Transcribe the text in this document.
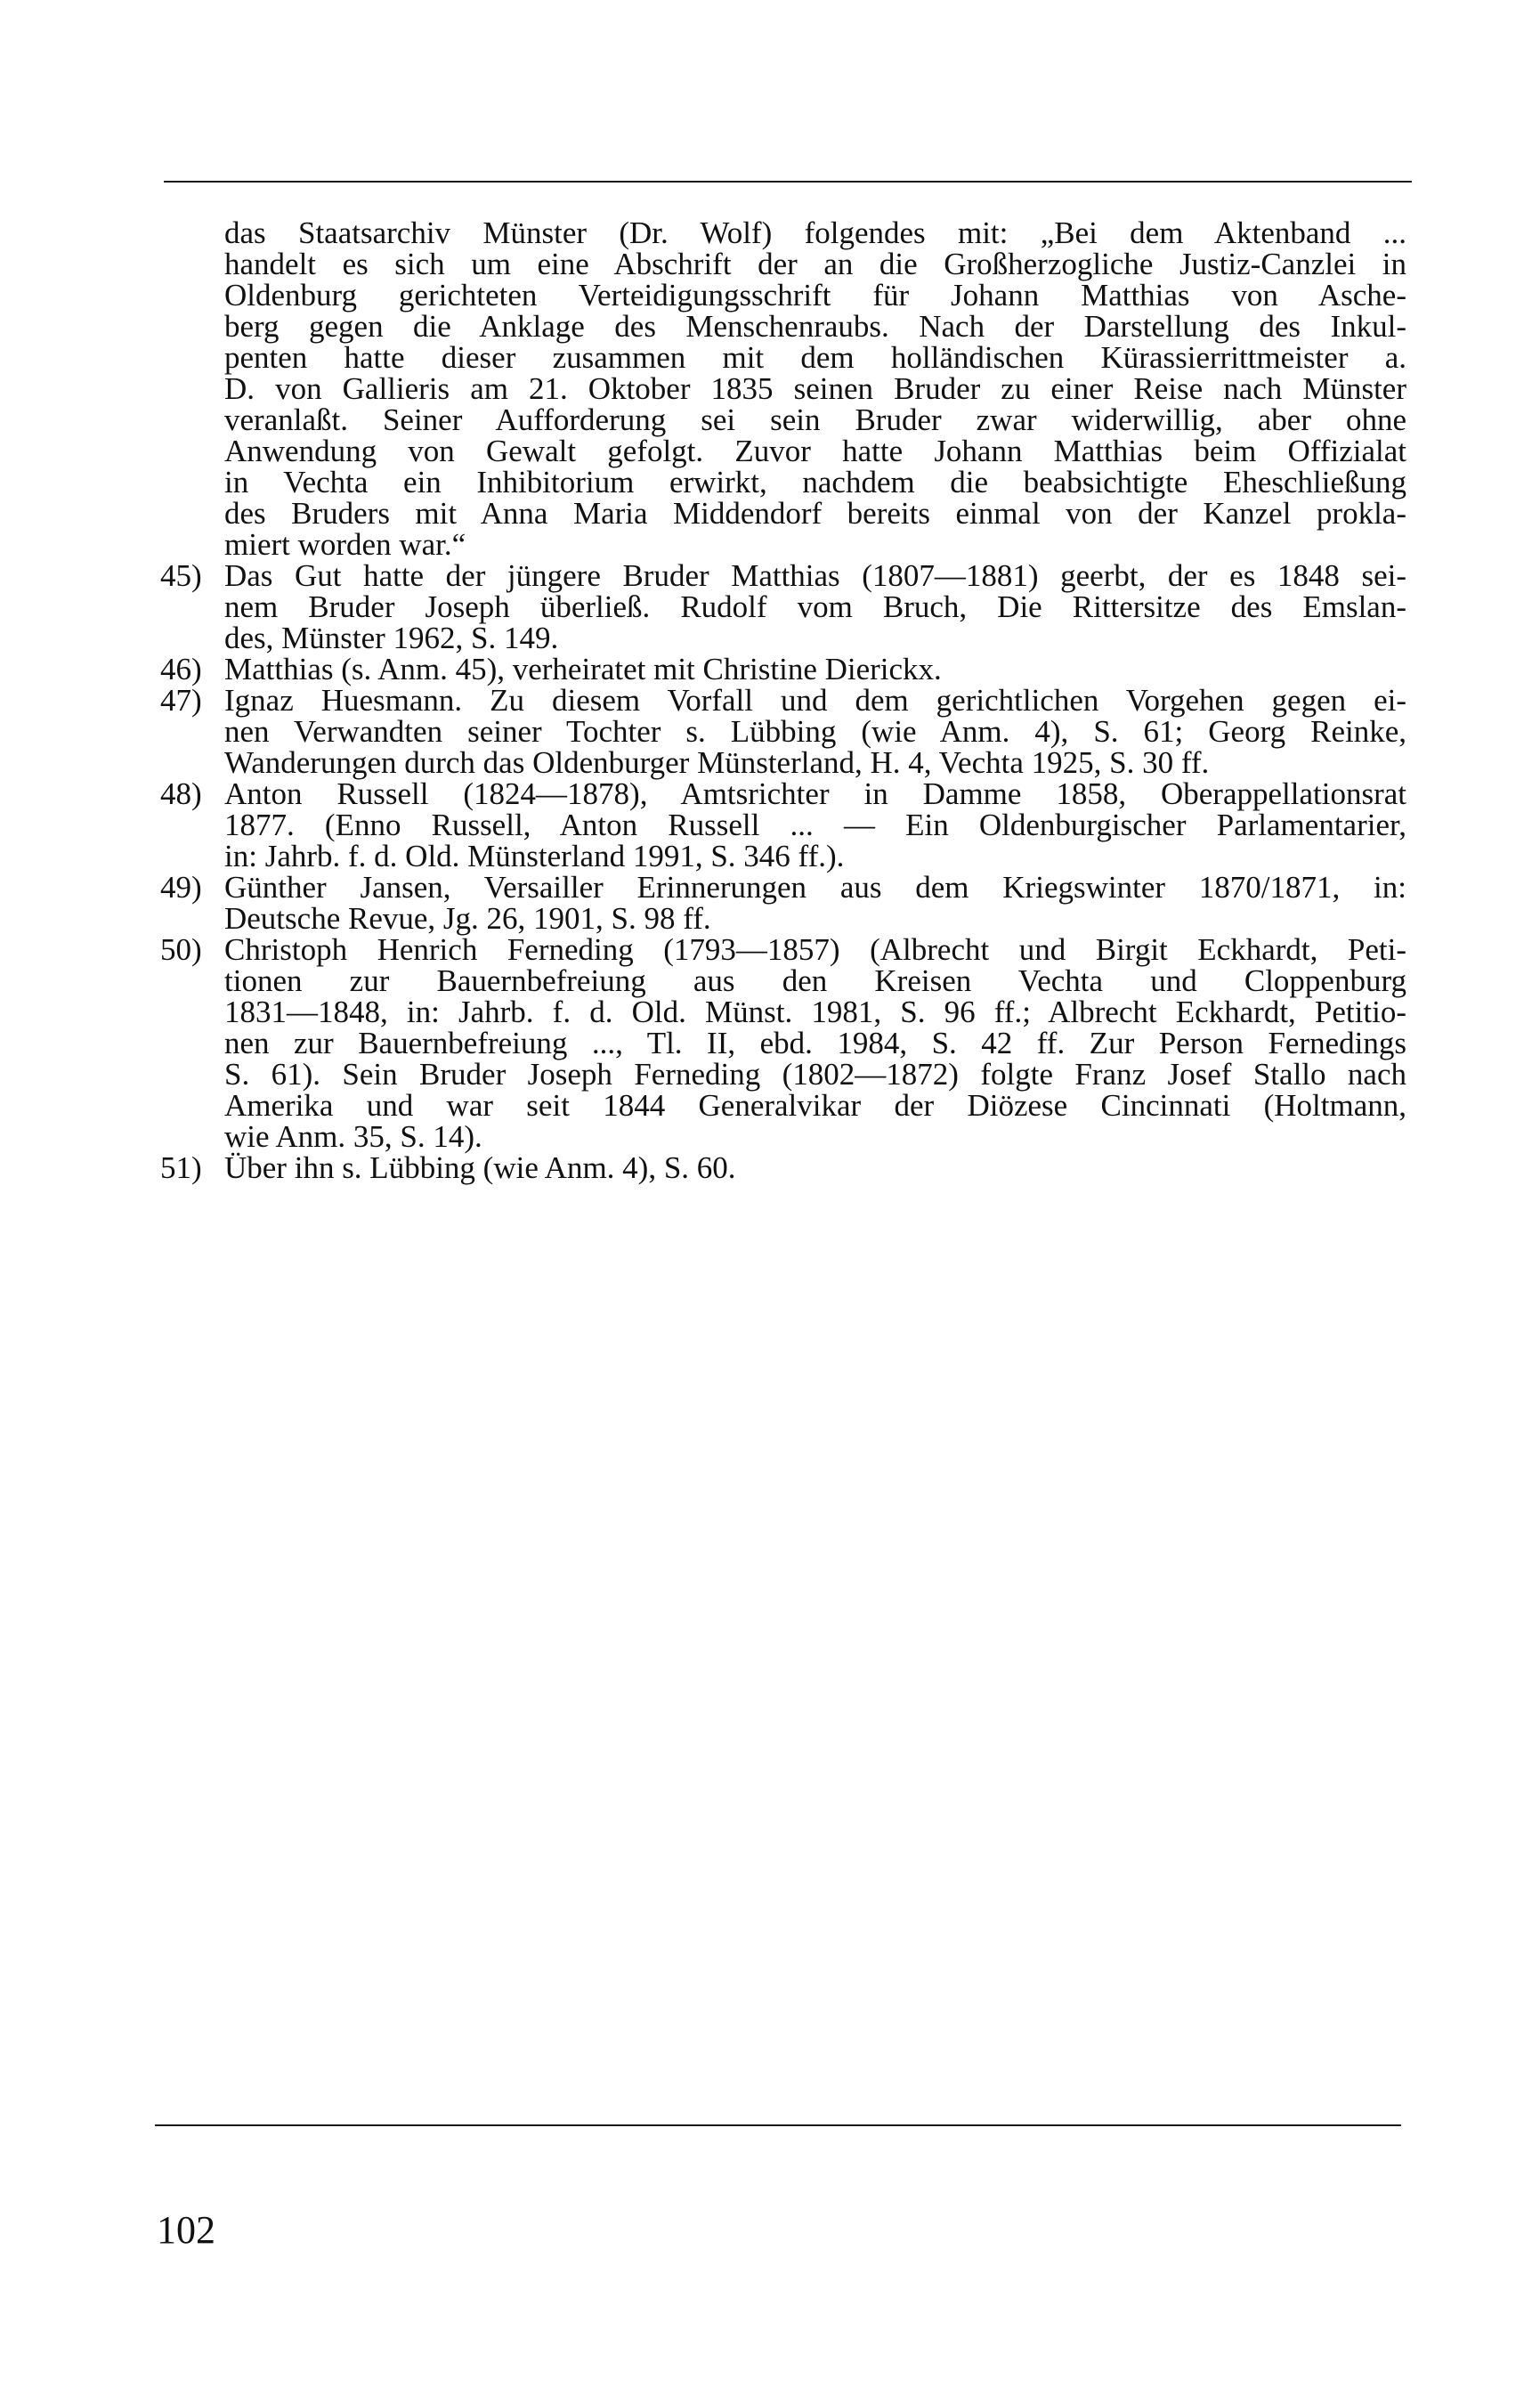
das Staatsarchiv Münster (Dr. Wolf) folgendes mit: „Bei dem Aktenband ...
handelt es sich um eine Abschrift der an die Großherzogliche Justiz-Canzlei in
Oldenburg gerichteten Verteidigungsschrift für Johann Matthias von Asche-
berg gegen die Anklage des Menschenraubs. Nach der Darstellung des Inkul-
penten hatte dieser zusammen mit dem holländischen Kürassierrittmeister a.
D. von Gallieris am 21. Oktober 1835 seinen Bruder zu einer Reise nach Münster
veranlaßt. Seiner Aufforderung sei sein Bruder zwar widerwillig, aber ohne
Anwendung von Gewalt gefolgt. Zuvor hatte Johann Matthias beim Offizialat
in Vechta ein Inhibitorium erwirkt, nachdem die beabsichtigte Eheschließung
des Bruders mit Anna Maria Middendorf bereits einmal von der Kanzel prokla-
miert worden war.“
45) Das Gut hatte der jüngere Bruder Matthias (1807—1881) geerbt, der es 1848 sei-
nem Bruder Joseph überließ. Rudolf vom Bruch, Die Rittersitze des Emslan-
des, Münster 1962, S. 149.
46) Matthias (s. Anm. 45), verheiratet mit Christine Dierickx.
47) Ignaz Huesmann. Zu diesem Vorfall und dem gerichtlichen Vorgehen gegen ei-
nen Verwandten seiner Tochter s. Lübbing (wie Anm. 4), S. 61; Georg Reinke,
Wanderungen durch das Oldenburger Münsterland, H. 4, Vechta 1925, S. 30 ff.
48) Anton Russell (1824—1878), Amtsrichter in Damme 1858, Oberappellationsrat
1877. (Enno Russell, Anton Russell ... — Ein Oldenburgischer Parlamentarier,
in: Jahrb. f. d. Old. Münsterland 1991, S. 346 ff.).
49) Günther Jansen, Versailler Erinnerungen aus dem Kriegswinter 1870/1871, in:
Deutsche Revue, Jg. 26, 1901, S. 98 ff.
50) Christoph Henrich Ferneding (1793—1857) (Albrecht und Birgit Eckhardt, Peti-
tionen zur Bauernbefreiung aus den Kreisen Vechta und Cloppenburg
1831—1848, in: Jahrb. f. d. Old. Münst. 1981, S. 96 ff.; Albrecht Eckhardt, Petitio-
nen zur Bauernbefreiung ..., Tl. II, ebd. 1984, S. 42 ff. Zur Person Fernedings
S. 61). Sein Bruder Joseph Ferneding (1802—1872) folgte Franz Josef Stallo nach
Amerika und war seit 1844 Generalvikar der Diözese Cincinnati (Holtmann,
wie Anm. 35, S. 14).
51) Über ihn s. Lübbing (wie Anm. 4), S. 60.
102
